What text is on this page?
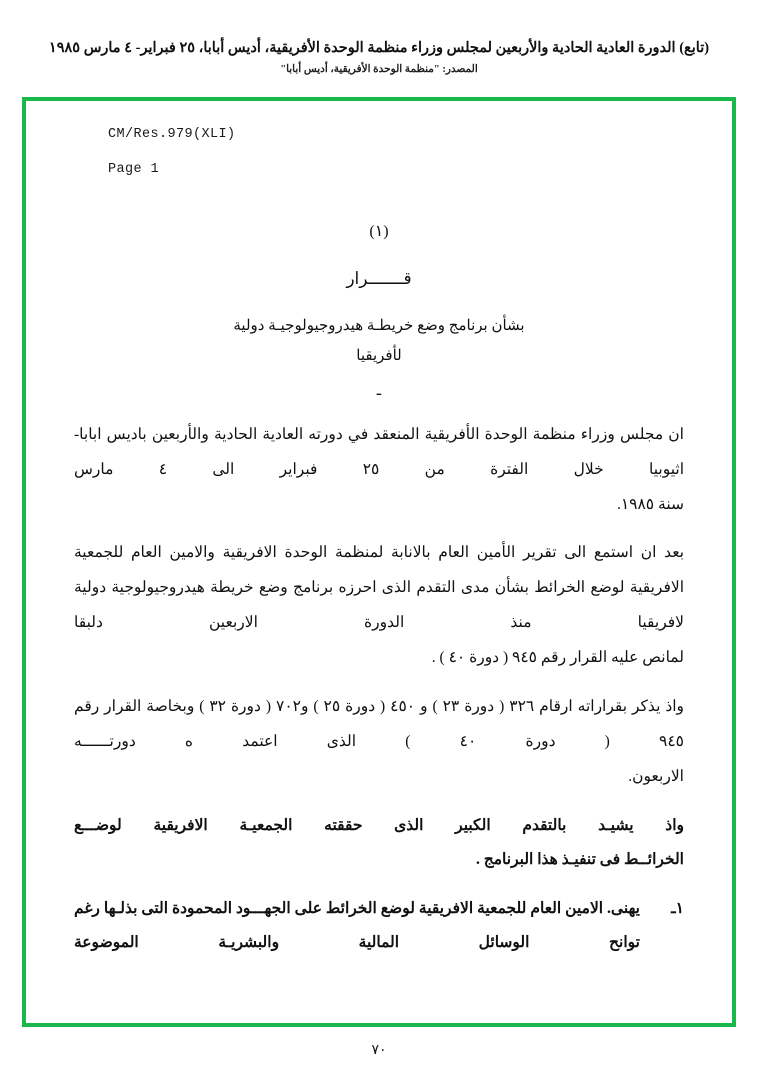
(تابع) الدورة العادية الحادية والأربعين لمجلس وزراء منظمة الوحدة الأفريقية، أديس أبابا، ٢٥ فبراير- ٤ مارس ١٩٨٥
المصدر: "منظمة الوحدة الأفريقية، أديس أبابا"
CM/Res.979(XLI)
Page 1
(١)
قـــــــرار
بشأن برنامج وضع خريطـة هيدروجيولوجيـة دولية
لأفريقيا
ـ
ان مجلس وزراء منظمة الوحدة الأفريقية المنعقد في دورته العادية الحادية والأربعين باديس ابابا- اثيوبيا خلال الفترة من ٢٥ فبراير الى ٤ مارس
سنة ١٩٨٥.
بعد ان استمع الى تقرير الأمين العام بالانابة لمنظمة الوحدة الافريقية والامين العام للجمعية الافريقية لوضع الخرائط بشأن مدى التقدم الذى احرزه برنامج وضع خريطة هيدروجيولوجية دولية لافريقيا منذ الدورة الاربعين دلبقا
لمانص عليه القرار رقم ٩٤٥ ( دورة ٤٠ ) .
واذ يذكر بقراراته ارقام ٣٢٦ ( دورة ٢٣ ) و ٤٥٠ ( دورة ٢٥ ) و٧٠٢ ( دورة ٣٢ ) وبخاصة القرار رقم ٩٤٥ ( دورة ٤٠ ) الذى اعتمد ه دورتــــــه
الاربعون.
واذ يشيـد بالتقدم الكبير الذى حققته الجمعيـة الافريقية لوضـــع
الخرائــط فى تنفيـذ هذا البرنامج .
١ـ
يهنى. الامين العام للجمعية الافريقية لوضع الخرائط على الجهـــود المحمودة التى بذلـها رغم توانح الوسائل المالية والبشريـة الموضوعة
٧٠
